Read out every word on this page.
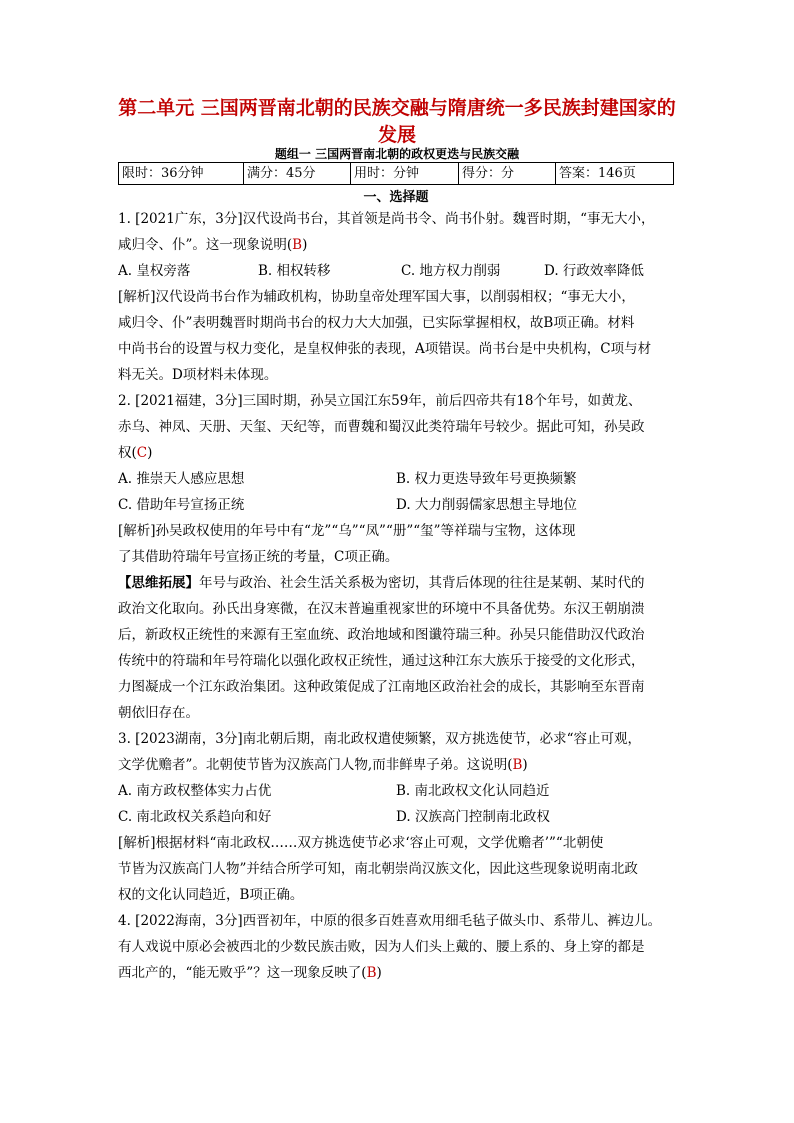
第二单元 三国两晋南北朝的民族交融与隋唐统一多民族封建国家的
发展
题组一 三国两晋南北朝的政权更迭与民族交融
限时：36分钟	满分：45分	用时：分钟	得分：分	答案：146页
一、选择题
1. [2021广东，3分]汉代设尚书台，其首领是尚书令、尚书仆射。魏晋时期，“事无大小，
咸归令、仆”。这一现象说明(B)
A. 皇权旁落	B. 相权转移	C. 地方权力削弱	D. 行政效率降低
[解析]汉代设尚书台作为辅政机构，协助皇帝处理军国大事，以削弱相权；“事无大小，
咸归令、仆”表明魏晋时期尚书台的权力大大加强，已实际掌握相权，故B项正确。材料
中尚书台的设置与权力变化，是皇权伸张的表现，A项错误。尚书台是中央机构，C项与材
料无关。D项材料未体现。
2. [2021福建，3分]三国时期，孙吴立国江东59年，前后四帝共有18个年号，如黄龙、
赤乌、神凤、天册、天玺、天纪等，而曹魏和蜀汉此类符瑞年号较少。据此可知，孙吴政
权(C)
A. 推崇天人感应思想	B. 权力更迭导致年号更换频繁
C. 借助年号宣扬正统	D. 大力削弱儒家思想主导地位
[解析]孙吴政权使用的年号中有“龙”“乌”“凤”“册”“玺”等祥瑞与宝物，这体现
了其借助符瑞年号宣扬正统的考量，C项正确。
【思维拓展】年号与政治、社会生活关系极为密切，其背后体现的往往是某朝、某时代的
政治文化取向。孙氏出身寒微，在汉末普遍重视家世的环境中不具备优势。东汉王朝崩溃
后，新政权正统性的来源有王室血统、政治地域和图谶符瑞三种。孙吴只能借助汉代政治
传统中的符瑞和年号符瑞化以强化政权正统性，通过这种江东大族乐于接受的文化形式，
力图凝成一个江东政治集团。这种政策促成了江南地区政治社会的成长，其影响至东晋南
朝依旧存在。
3. [2023湖南，3分]南北朝后期，南北政权遣使频繁，双方挑选使节，必求“容止可观，
文学优赡者”。北朝使节皆为汉族高门人物,而非鲜卑子弟。这说明(B)
A. 南方政权整体实力占优	B. 南北政权文化认同趋近
C. 南北政权关系趋向和好	D. 汉族高门控制南北政权
[解析]根据材料“南北政权……双方挑选使节必求‘容止可观，文学优赡者’”“北朝使
节皆为汉族高门人物”并结合所学可知，南北朝崇尚汉族文化，因此这些现象说明南北政
权的文化认同趋近，B项正确。
4. [2022海南，3分]西晋初年，中原的很多百姓喜欢用细毛毡子做头巾、系带儿、裤边儿。
有人戏说中原必会被西北的少数民族击败，因为人们头上戴的、腰上系的、身上穿的都是
西北产的，“能无败乎”？这一现象反映了(B)
